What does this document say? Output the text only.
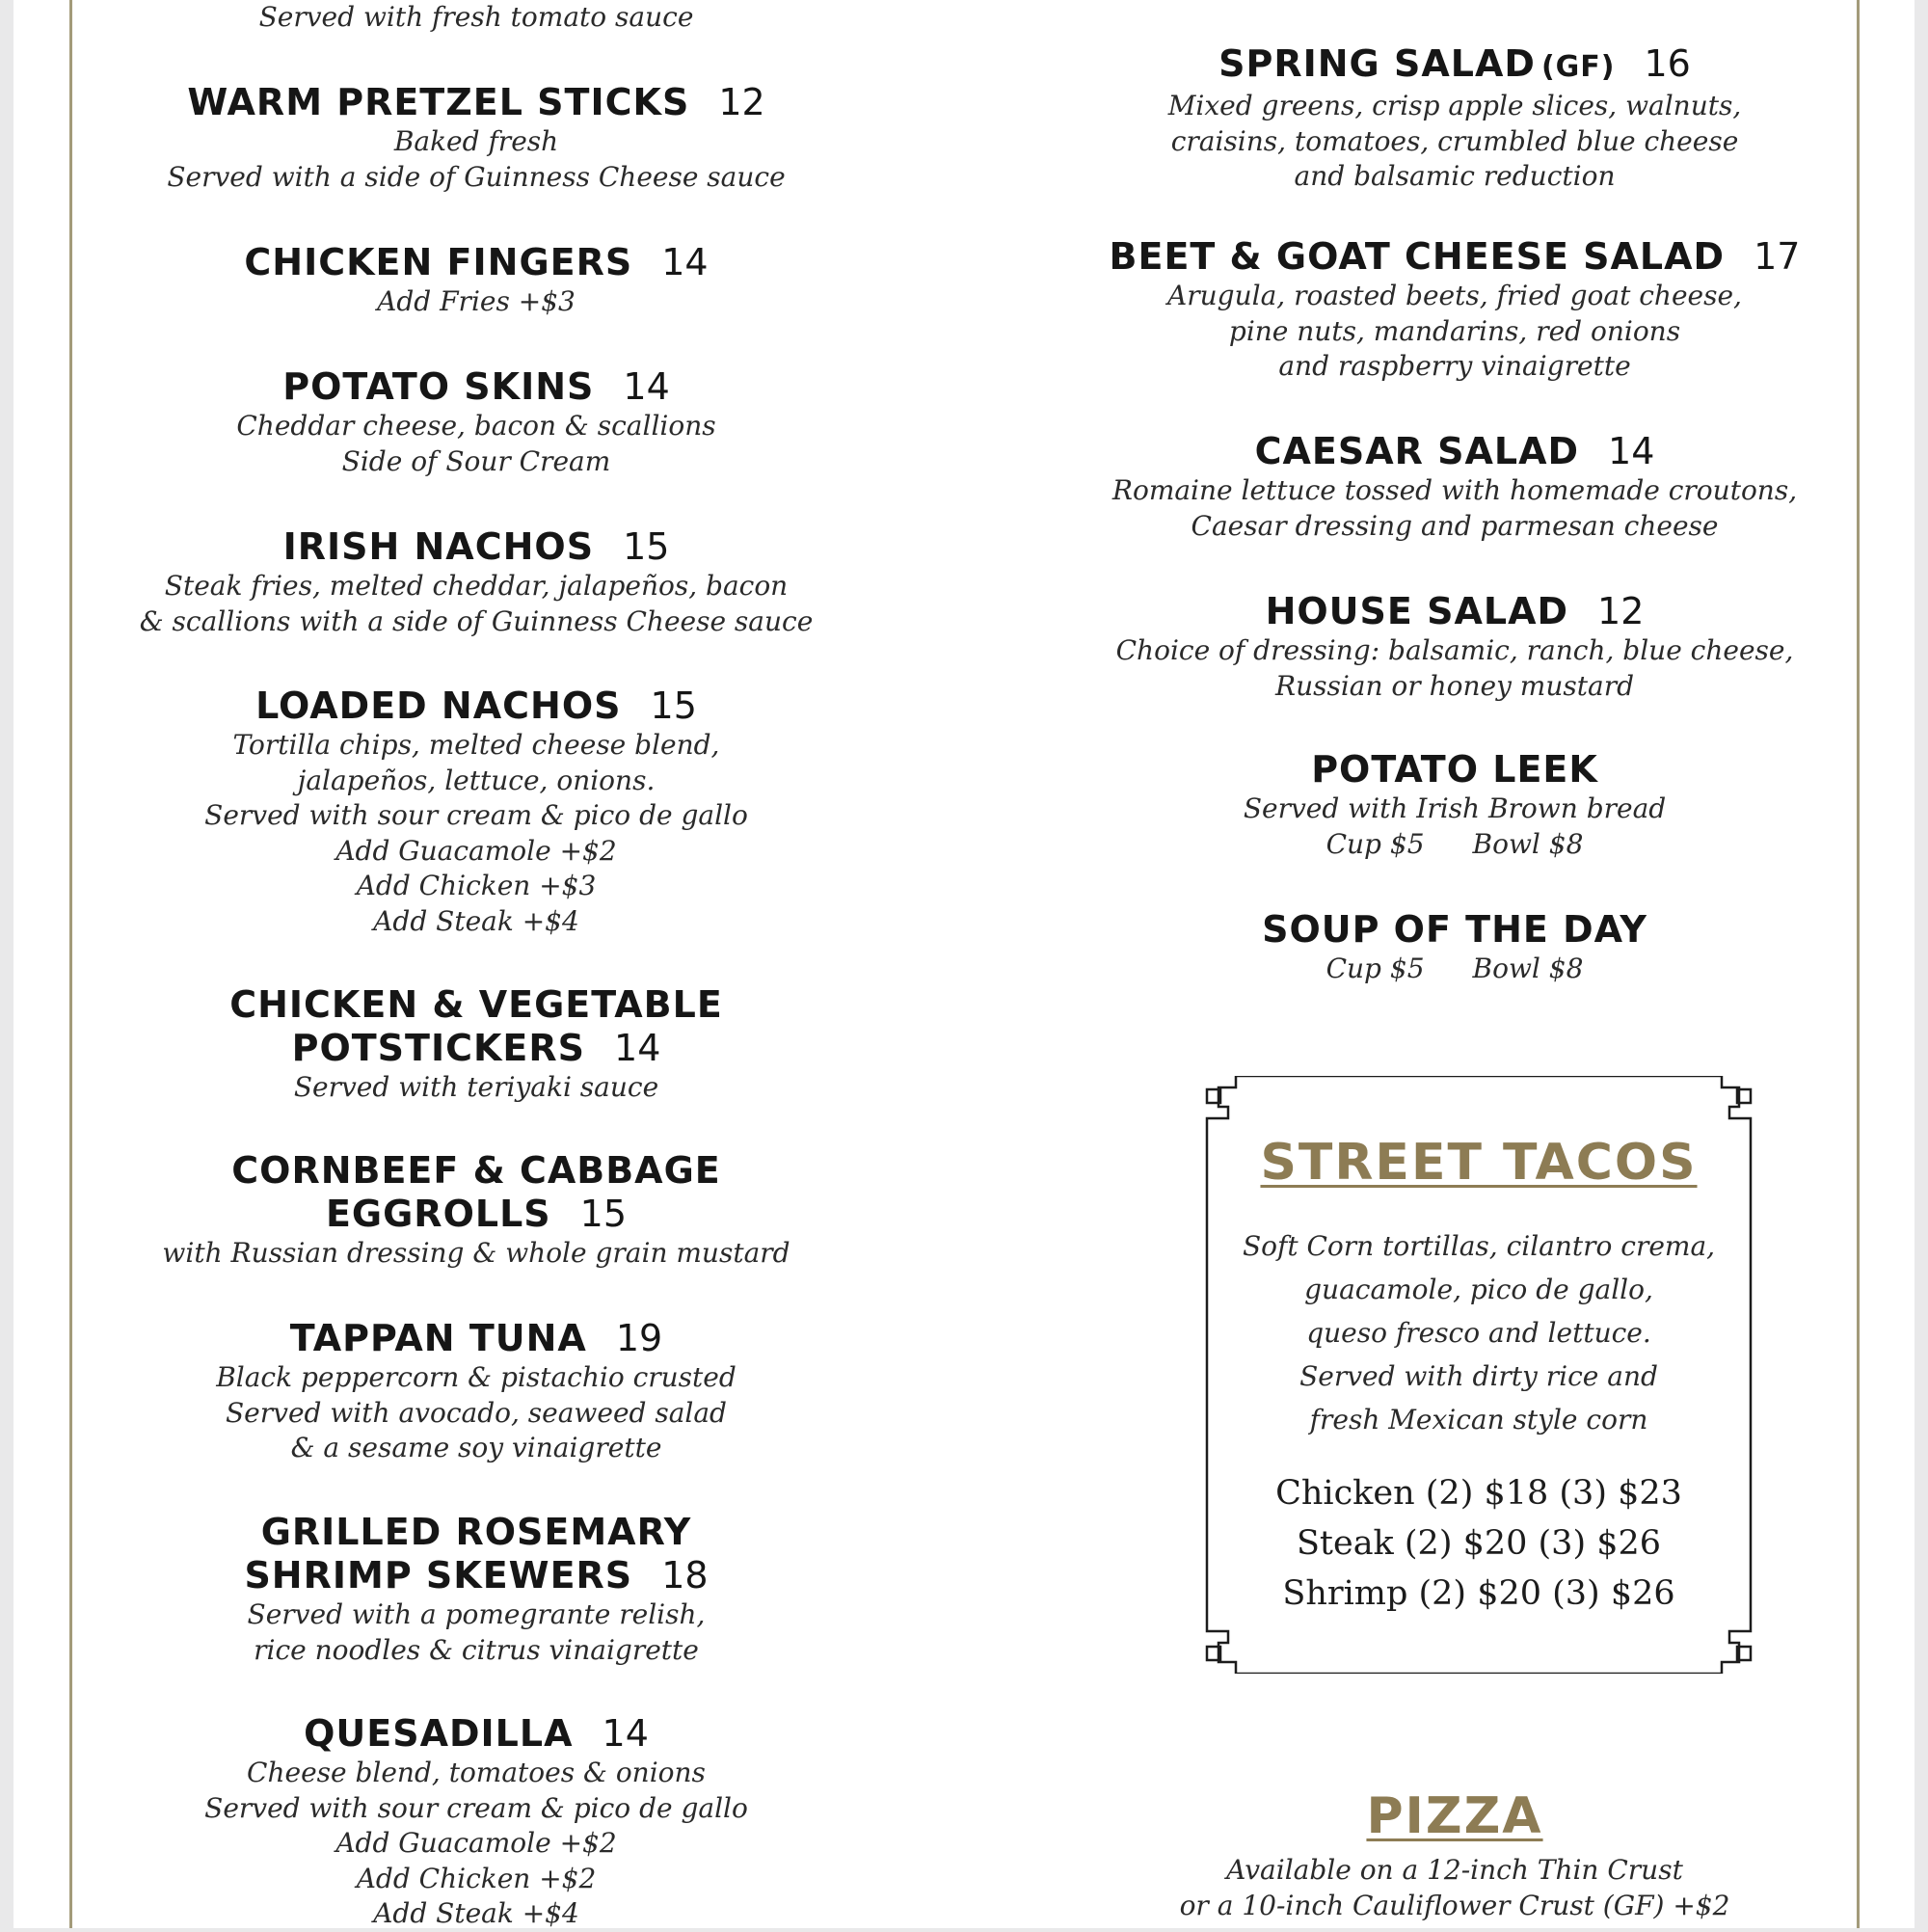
Served with fresh tomato sauce
WARM PRETZEL STICKS 12
Baked fresh
Served with a side of Guinness Cheese sauce
CHICKEN FINGERS 14
Add Fries +$3
POTATO SKINS 14
Cheddar cheese, bacon & scallions
Side of Sour Cream
IRISH NACHOS 15
Steak fries, melted cheddar, jalapeños, bacon
& scallions with a side of Guinness Cheese sauce
LOADED NACHOS 15
Tortilla chips, melted cheese blend,
jalapeños, lettuce, onions.
Served with sour cream & pico de gallo
Add Guacamole +$2
Add Chicken +$3
Add Steak +$4
CHICKEN & VEGETABLE
POTSTICKERS 14
Served with teriyaki sauce
CORNBEEF & CABBAGE
EGGROLLS 15
with Russian dressing & whole grain mustard
TAPPAN TUNA 19
Black peppercorn & pistachio crusted
Served with avocado, seaweed salad
& a sesame soy vinaigrette
GRILLED ROSEMARY
SHRIMP SKEWERS 18
Served with a pomegrante relish,
rice noodles & citrus vinaigrette
QUESADILLA 14
Cheese blend, tomatoes & onions
Served with sour cream & pico de gallo
Add Guacamole +$2
Add Chicken +$2
Add Steak +$4
SPRING SALAD (GF) 16
Mixed greens, crisp apple slices, walnuts,
craisins, tomatoes, crumbled blue cheese
and balsamic reduction
BEET & GOAT CHEESE SALAD 17
Arugula, roasted beets, fried goat cheese,
pine nuts, mandarins, red onions
and raspberry vinaigrette
CAESAR SALAD 14
Romaine lettuce tossed with homemade croutons,
Caesar dressing and parmesan cheese
HOUSE SALAD 12
Choice of dressing: balsamic, ranch, blue cheese,
Russian or honey mustard
POTATO LEEK
Served with Irish Brown bread
Cup $5 Bowl $8
SOUP OF THE DAY
Cup $5 Bowl $8
STREET TACOS
Soft Corn tortillas, cilantro crema,
guacamole, pico de gallo,
queso fresco and lettuce.
Served with dirty rice and
fresh Mexican style corn
Chicken (2) $18 (3) $23
Steak (2) $20 (3) $26
Shrimp (2) $20 (3) $26
PIZZA
Available on a 12-inch Thin Crust
or a 10-inch Cauliflower Crust (GF) +$2
